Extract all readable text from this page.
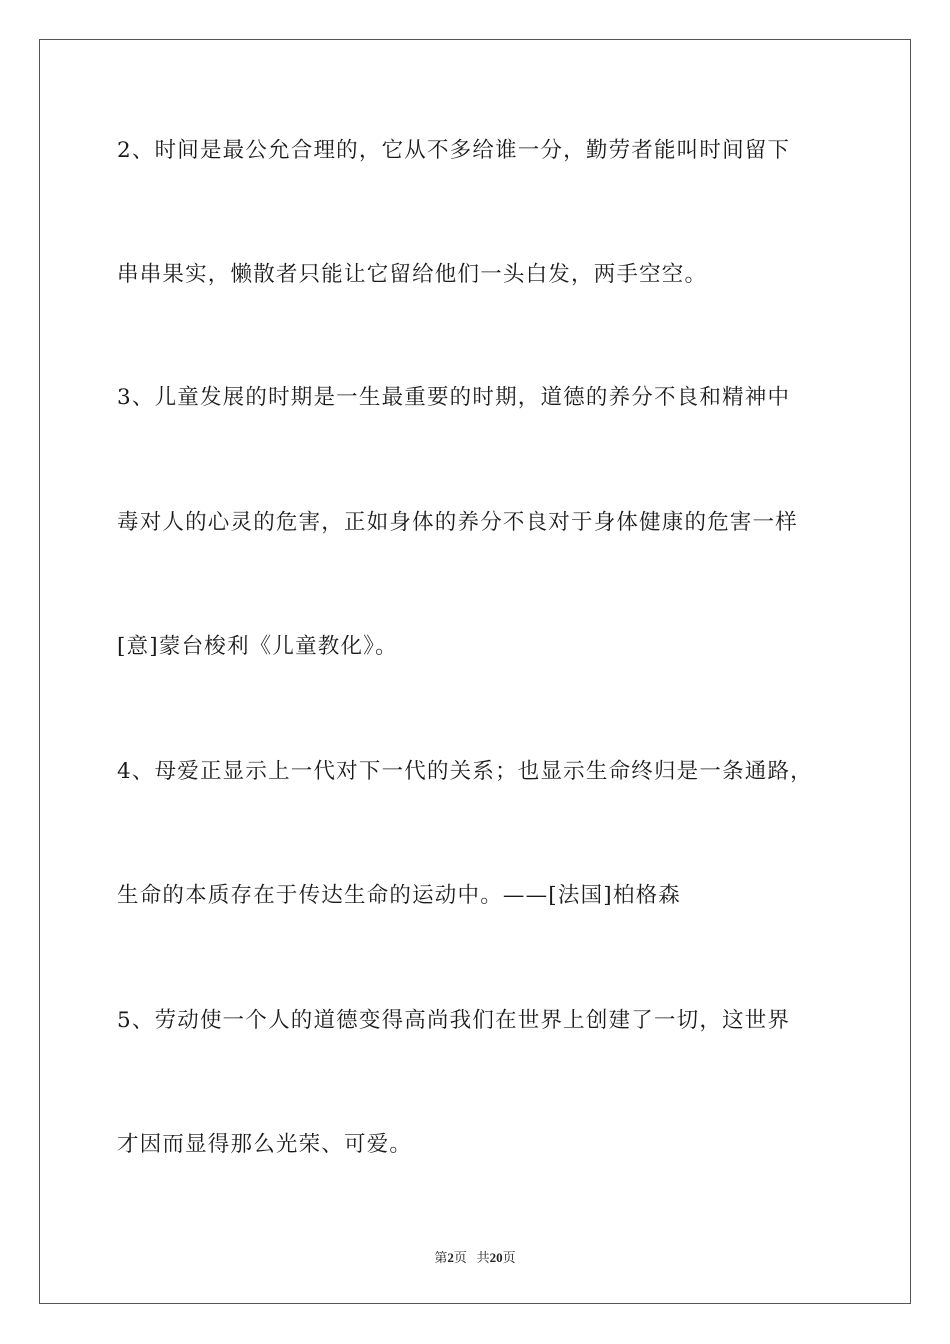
2、时间是最公允合理的，它从不多给谁一分，勤劳者能叫时间留下

串串果实，懒散者只能让它留给他们一头白发，两手空空。

3、儿童发展的时期是一生最重要的时期，道德的养分不良和精神中

毒对人的心灵的危害，正如身体的养分不良对于身体健康的危害一样

[意]蒙台梭利《儿童教化》。

4、母爱正显示上一代对下一代的关系；也显示生命终归是一条通路，

生命的本质存在于传达生命的运动中。——[法国]柏格森

5、劳动使一个人的道德变得高尚我们在世界上创建了一切，这世界

才因而显得那么光荣、可爱。

第2页 共20页
